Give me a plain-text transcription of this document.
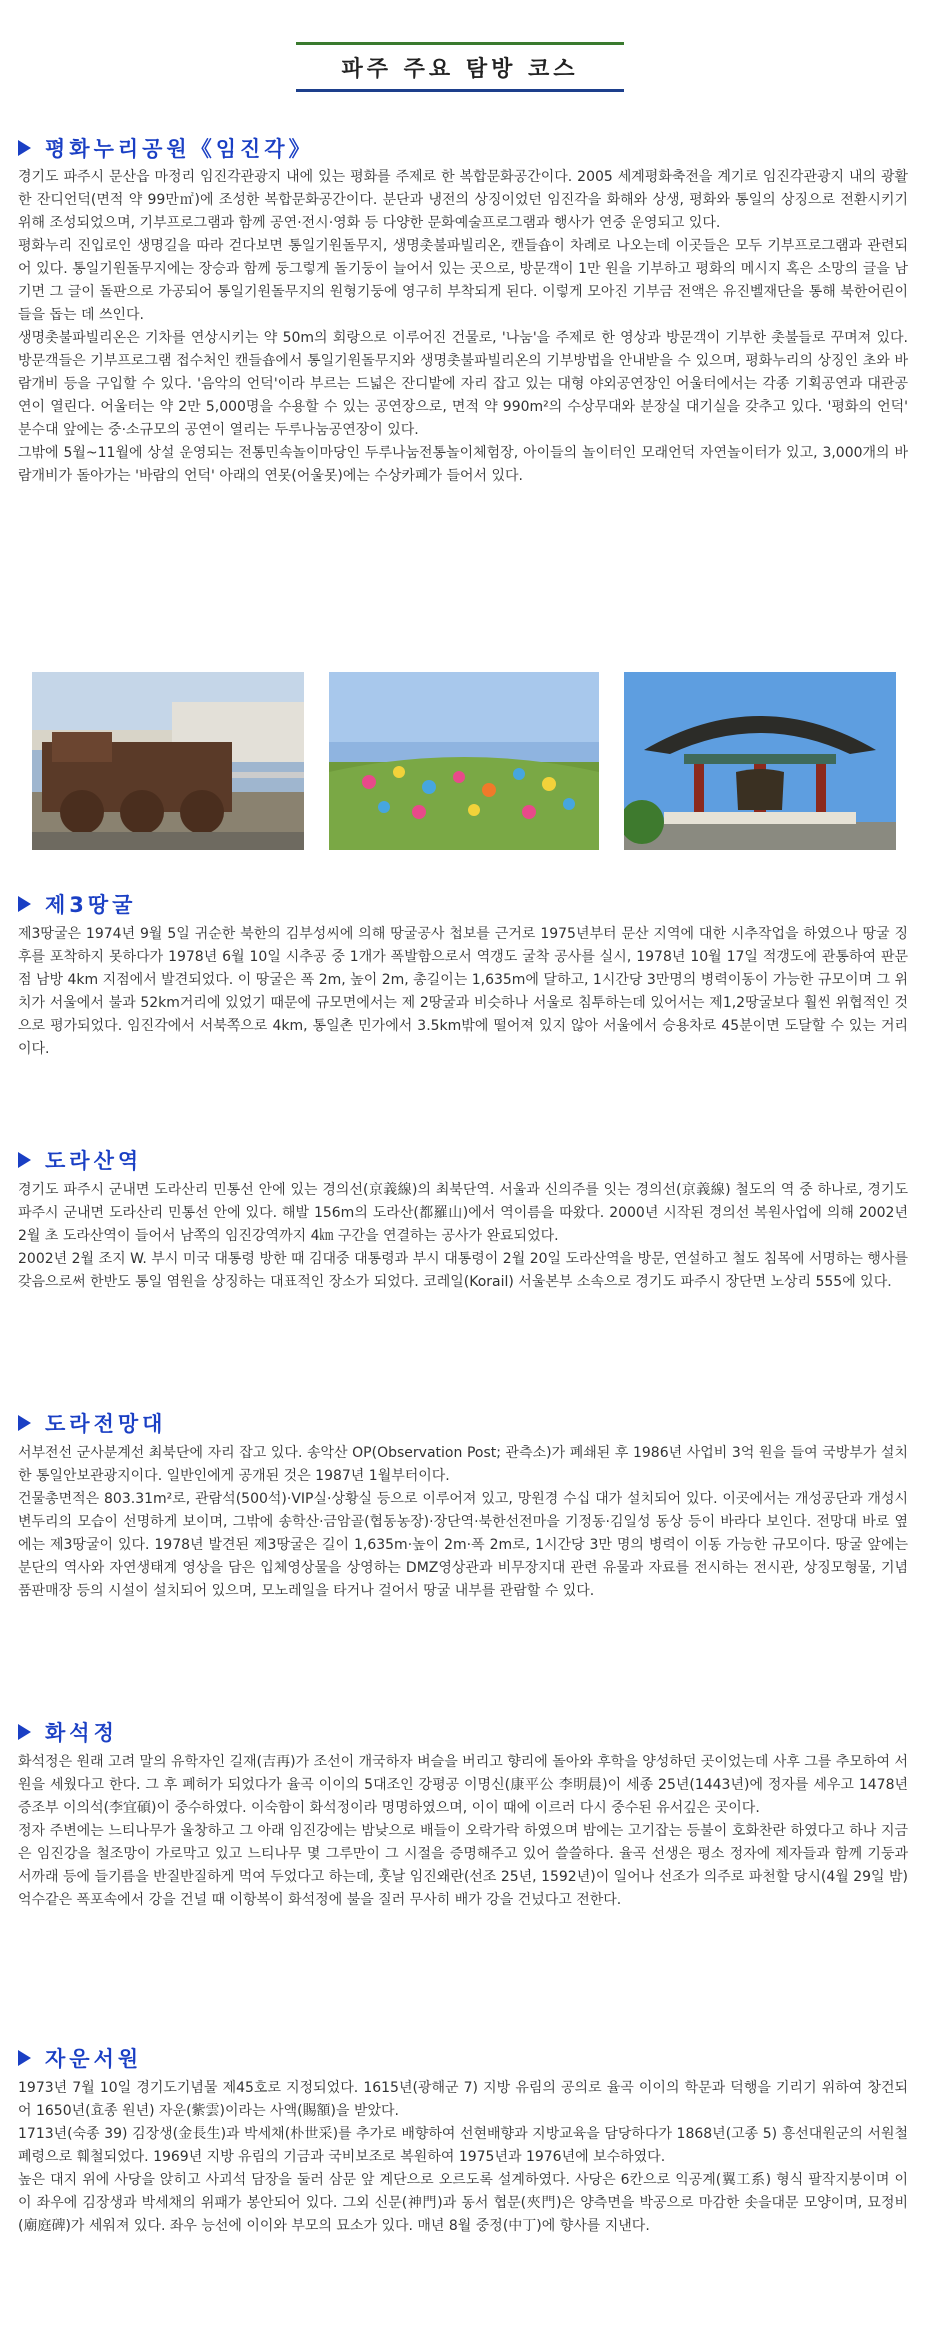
파주 주요 탐방 코스
평화누리공원《임진각》

경기도 파주시 문산읍 마정리 임진각관광지 내에 있는 평화를 주제로 한 복합문화공간이다. 2005 세계평화축전을 계기로 임진각관광지 내의 광활한 잔디언덕(면적 약 99만㎡)에 조성한 복합문화공간이다. 분단과 냉전의 상징이었던 임진각을 화해와 상생, 평화와 통일의 상징으로 전환시키기 위해 조성되었으며, 기부프로그램과 함께 공연·전시·영화 등 다양한 문화예술프로그램과 행사가 연중 운영되고 있다.

평화누리 진입로인 생명길을 따라 걷다보면 통일기원돌무지, 생명촛불파빌리온, 캔들숍이 차례로 나오는데 이곳들은 모두 기부프로그램과 관련되어 있다. 통일기원돌무지에는 장승과 함께 둥그렇게 돌기둥이 늘어서 있는 곳으로, 방문객이 1만 원을 기부하고 평화의 메시지 혹은 소망의 글을 남기면 그 글이 돌판으로 가공되어 통일기원돌무지의 원형기둥에 영구히 부착되게 된다. 이렇게 모아진 기부금 전액은 유진벨재단을 통해 북한어린이들을 돕는 데 쓰인다.

생명촛불파빌리온은 기차를 연상시키는 약 50m의 회랑으로 이루어진 건물로, '나눔'을 주제로 한 영상과 방문객이 기부한 촛불들로 꾸며져 있다. 방문객들은 기부프로그램 접수처인 캔들숍에서 통일기원돌무지와 생명촛불파빌리온의 기부방법을 안내받을 수 있으며, 평화누리의 상징인 초와 바람개비 등을 구입할 수 있다. '음악의 언덕'이라 부르는 드넓은 잔디밭에 자리 잡고 있는 대형 야외공연장인 어울터에서는 각종 기획공연과 대관공연이 열린다. 어울터는 약 2만 5,000명을 수용할 수 있는 공연장으로, 면적 약 990m²의 수상무대와 분장실 대기실을 갖추고 있다. '평화의 언덕' 분수대 앞에는 중·소규모의 공연이 열리는 두루나눔공연장이 있다.

그밖에 5월~11월에 상설 운영되는 전통민속놀이마당인 두루나눔전통놀이체험장, 아이들의 놀이터인 모래언덕 자연놀이터가 있고, 3,000개의 바람개비가 돌아가는 '바람의 언덕' 아래의 연못(어울못)에는 수상카페가 들어서 있다.

제3땅굴

제3땅굴은 1974년 9월 5일 귀순한 북한의 김부성씨에 의해 땅굴공사 첩보를 근거로 1975년부터 문산 지역에 대한 시추작업을 하였으나 땅굴 징후를 포착하지 못하다가 1978년 6월 10일 시추공 중 1개가 폭발함으로서 역갱도 굴착 공사를 실시, 1978년 10월 17일 적갱도에 관통하여 판문점 남방 4km 지점에서 발견되었다. 이 땅굴은 폭 2m, 높이 2m, 총길이는 1,635m에 달하고, 1시간당 3만명의 병력이동이 가능한 규모이며 그 위치가 서울에서 불과 52km거리에 있었기 때문에 규모면에서는 제 2땅굴과 비슷하나 서울로 침투하는데 있어서는 제1,2땅굴보다 훨씬 위협적인 것으로 평가되었다. 임진각에서 서북쪽으로 4km, 통일촌 민가에서 3.5km밖에 떨어져 있지 않아 서울에서 승용차로 45분이면 도달할 수 있는 거리이다.

도라산역

경기도 파주시 군내면 도라산리 민통선 안에 있는 경의선(京義線)의 최북단역. 서울과 신의주를 잇는 경의선(京義線) 철도의 역 중 하나로, 경기도 파주시 군내면 도라산리 민통선 안에 있다. 해발 156m의 도라산(都羅山)에서 역이름을 따왔다. 2000년 시작된 경의선 복원사업에 의해 2002년 2월 초 도라산역이 들어서 남쪽의 임진강역까지 4㎞ 구간을 연결하는 공사가 완료되었다.

2002년 2월 조지 W. 부시 미국 대통령 방한 때 김대중 대통령과 부시 대통령이 2월 20일 도라산역을 방문, 연설하고 철도 침목에 서명하는 행사를 갖음으로써 한반도 통일 염원을 상징하는 대표적인 장소가 되었다. 코레일(Korail) 서울본부 소속으로 경기도 파주시 장단면 노상리 555에 있다.

도라전망대

서부전선 군사분계선 최북단에 자리 잡고 있다. 송악산 OP(Observation Post; 관측소)가 폐쇄된 후 1986년 사업비 3억 원을 들여 국방부가 설치한 통일안보관광지이다. 일반인에게 공개된 것은 1987년 1월부터이다.

건물총면적은 803.31m²로, 관람석(500석)·VIP실·상황실 등으로 이루어져 있고, 망원경 수십 대가 설치되어 있다. 이곳에서는 개성공단과 개성시 변두리의 모습이 선명하게 보이며, 그밖에 송학산·금암골(협동농장)·장단역·북한선전마을 기정동·김일성 동상 등이 바라다 보인다. 전망대 바로 옆에는 제3땅굴이 있다. 1978년 발견된 제3땅굴은 길이 1,635m·높이 2m·폭 2m로, 1시간당 3만 명의 병력이 이동 가능한 규모이다. 땅굴 앞에는 분단의 역사와 자연생태계 영상을 담은 입체영상물을 상영하는 DMZ영상관과 비무장지대 관련 유물과 자료를 전시하는 전시관, 상징모형물, 기념품판매장 등의 시설이 설치되어 있으며, 모노레일을 타거나 걸어서 땅굴 내부를 관람할 수 있다.

화석정

화석정은 원래 고려 말의 유학자인 길재(吉再)가 조선이 개국하자 벼슬을 버리고 향리에 돌아와 후학을 양성하던 곳이었는데 사후 그를 추모하여 서원을 세웠다고 한다. 그 후 폐허가 되었다가 율곡 이이의 5대조인 강평공 이명신(康平公 李明晨)이 세종 25년(1443년)에 정자를 세우고 1478년 증조부 이의석(李宜碩)이 중수하였다. 이숙함이 화석정이라 명명하였으며, 이이 때에 이르러 다시 중수된 유서깊은 곳이다.

정자 주변에는 느티나무가 울창하고 그 아래 임진강에는 밤낮으로 배들이 오락가락 하였으며 밤에는 고기잡는 등불이 호화찬란 하였다고 하나 지금은 임진강을 철조망이 가로막고 있고 느티나무 몇 그루만이 그 시절을 증명해주고 있어 쓸쓸하다. 율곡 선생은 평소 정자에 제자들과 함께 기둥과 서까래 등에 들기름을 반질반질하게 먹여 두었다고 하는데, 훗날 임진왜란(선조 25년, 1592년)이 일어나 선조가 의주로 파천할 당시(4월 29일 밤) 억수같은 폭포속에서 강을 건널 때 이항복이 화석정에 불을 질러 무사히 배가 강을 건넜다고 전한다.

자운서원

1973년 7월 10일 경기도기념물 제45호로 지정되었다. 1615년(광해군 7) 지방 유림의 공의로 율곡 이이의 학문과 덕행을 기리기 위하여 창건되어 1650년(효종 원년) 자운(紫雲)이라는 사액(賜額)을 받았다.

1713년(숙종 39) 김장생(金長生)과 박세채(朴世采)를 추가로 배향하여 선현배향과 지방교육을 담당하다가 1868년(고종 5) 흥선대원군의 서원철폐령으로 훼철되었다. 1969년 지방 유림의 기금과 국비보조로 복원하여 1975년과 1976년에 보수하였다.

높은 대지 위에 사당을 앉히고 사괴석 담장을 둘러 삼문 앞 계단으로 오르도록 설계하였다. 사당은 6칸으로 익공계(翼工系) 형식 팔작지붕이며 이이 좌우에 김장생과 박세채의 위패가 봉안되어 있다. 그외 신문(神門)과 동서 협문(夾門)은 양측면을 박공으로 마감한 솟을대문 모양이며, 묘정비(廟庭碑)가 세워져 있다. 좌우 능선에 이이와 부모의 묘소가 있다. 매년 8월 중정(中丁)에 향사를 지낸다.
